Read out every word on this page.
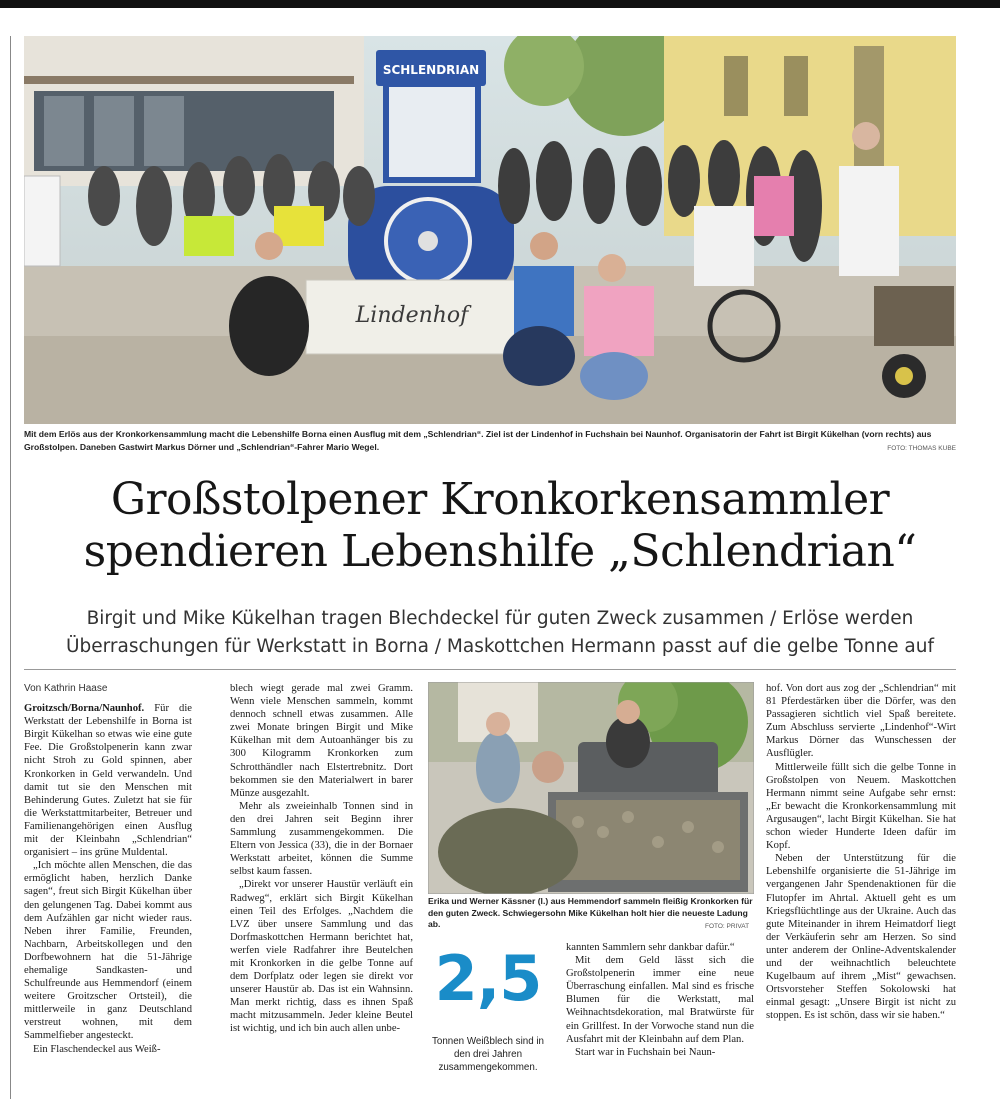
Lindenhof
SCHLENDRIAN
Mit dem Erlös aus der Kronkorkensammlung macht die Lebenshilfe Borna einen Ausflug mit dem „Schlendrian“. Ziel ist der Lindenhof in Fuchshain bei Naunhof. Organisatorin der Fahrt ist Birgit Kükelhan (vorn rechts) aus Großstolpen. Daneben Gastwirt Markus Dörner und „Schlendrian“-Fahrer Mario Wegel.	FOTO: THOMAS KUBE
Großstolpener Kronkorkensammler
spendieren Lebenshilfe „Schlendrian“
Birgit und Mike Kükelhan tragen Blechdeckel für guten Zweck zusammen / Erlöse werden
Überraschungen für Werkstatt in Borna / Maskottchen Hermann passt auf die gelbe Tonne auf
Von Kathrin Haase

Groitzsch/Borna/Naunhof. Für die Werkstatt der Lebenshilfe in Borna ist Birgit Kükelhan so etwas wie eine gute Fee. Die Großstolpenerin kann zwar nicht Stroh zu Gold spinnen, aber Kronkorken in Geld verwandeln. Und damit tut sie den Menschen mit Behinderung Gutes. Zuletzt hat sie für die Werkstattmitarbeiter, Betreuer und Familienangehörigen einen Ausflug mit der Kleinbahn „Schlendrian“ organisiert – ins grüne Muldental.

„Ich möchte allen Menschen, die das ermöglicht haben, herzlich Danke sagen“, freut sich Birgit Kükelhan über den gelungenen Tag. Dabei kommt aus dem Aufzählen gar nicht wieder raus. Neben ihrer Familie, Freunden, Nachbarn, Arbeitskollegen und den Dorfbewohnern hat die 51-Jährige ehemalige Sandkasten- und Schulfreunde aus Hemmendorf (einem weitere Groitzscher Ortsteil), die mittlerweile in ganz Deutschland verstreut wohnen, mit dem Sammelfieber angesteckt.

Ein Flaschendeckel aus Weiß-

blech wiegt gerade mal zwei Gramm. Wenn viele Menschen sammeln, kommt dennoch schnell etwas zusammen. Alle zwei Monate bringen Birgit und Mike Kükelhan mit dem Autoanhänger bis zu 300 Kilogramm Kronkorken zum Schrotthändler nach Elstertrebnitz. Dort bekommen sie den Materialwert in barer Münze ausgezahlt.

Mehr als zweieinhalb Tonnen sind in den drei Jahren seit Beginn ihrer Sammlung zusammengekommen. Die Eltern von Jessica (33), die in der Bornaer Werkstatt arbeitet, können die Summe selbst kaum fassen.

„Direkt vor unserer Haustür verläuft ein Radweg“, erklärt sich Birgit Kükelhan einen Teil des Erfolges. „Nachdem die LVZ über unsere Sammlung und das Dorfmaskottchen Hermann berichtet hat, werfen viele Radfahrer ihre Beutelchen mit Kronkorken in die gelbe Tonne auf dem Dorfplatz oder legen sie direkt vor unserer Haustür ab. Das ist ein Wahnsinn. Man merkt richtig, dass es ihnen Spaß macht mitzusammeln. Jeder kleine Beutel ist wichtig, und ich bin auch allen unbe-

Erika und Werner Kässner (l.) aus Hemmendorf sammeln fleißig Kronkorken für den guten Zweck. Schwiegersohn Mike Kükelhan holt hier die neueste Ladung ab.	FOTO: PRIVAT
2,5
Tonnen Weißblech sind in den drei Jahren zusammengekommen.

kannten Sammlern sehr dankbar dafür.“

Mit dem Geld lässt sich die Großstolpenerin immer eine neue Überraschung einfallen. Mal sind es frische Blumen für die Werkstatt, mal Weihnachtsdekoration, mal Bratwürste für ein Grillfest. In der Vorwoche stand nun die Ausfahrt mit der Kleinbahn auf dem Plan.

Start war in Fuchshain bei Naun-

hof. Von dort aus zog der „Schlendrian“ mit 81 Pferdestärken über die Dörfer, was den Passagieren sichtlich viel Spaß bereitete. Zum Abschluss servierte „Lindenhof“-Wirt Markus Dörner das Wunschessen der Ausflügler.

Mittlerweile füllt sich die gelbe Tonne in Großstolpen von Neuem. Maskottchen Hermann nimmt seine Aufgabe sehr ernst: „Er bewacht die Kronkorkensammlung mit Argusaugen“, lacht Birgit Kükelhan. Sie hat schon wieder Hunderte Ideen dafür im Kopf.

Neben der Unterstützung für die Lebenshilfe organisierte die 51-Jährige im vergangenen Jahr Spendenaktionen für die Flutopfer im Ahrtal. Aktuell geht es um Kriegsflüchtlinge aus der Ukraine. Auch das gute Miteinander in ihrem Heimatdorf liegt der Verkäuferin sehr am Herzen. So sind unter anderem der Online-Adventskalender und der weihnachtlich beleuchtete Kugelbaum auf ihrem „Mist“ gewachsen. Ortsvorsteher Steffen Sokolowski hat einmal gesagt: „Unsere Birgit ist nicht zu stoppen. Es ist schön, dass wir sie haben.“
